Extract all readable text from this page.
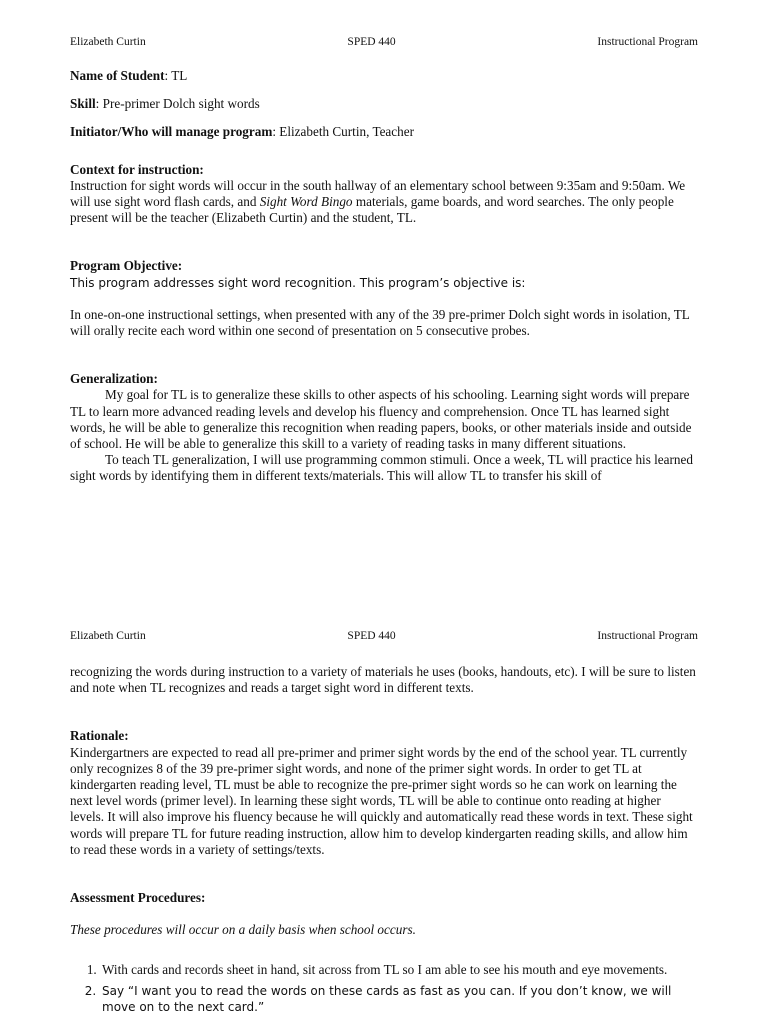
Elizabeth Curtin	SPED 440	Instructional Program

Name of Student: TL

Skill: Pre-primer Dolch sight words

Initiator/Who will manage program: Elizabeth Curtin, Teacher

Context for instruction:

Instruction for sight words will occur in the south hallway of an elementary school between 9:35am and 9:50am. We will use sight word flash cards, and Sight Word Bingo materials, game boards, and word searches. The only people present will be the teacher (Elizabeth Curtin) and the student, TL.

Program Objective:

This program addresses sight word recognition. This program’s objective is:

In one-on-one instructional settings, when presented with any of the 39 pre-primer Dolch sight words in isolation, TL will orally recite each word within one second of presentation on 5 consecutive probes.

Generalization:

My goal for TL is to generalize these skills to other aspects of his schooling. Learning sight words will prepare TL to learn more advanced reading levels and develop his fluency and comprehension. Once TL has learned sight words, he will be able to generalize this recognition when reading papers, books, or other materials inside and outside of school. He will be able to generalize this skill to a variety of reading tasks in many different situations.

To teach TL generalization, I will use programming common stimuli. Once a week, TL will practice his learned sight words by identifying them in different texts/materials. This will allow TL to transfer his skill of

Elizabeth Curtin	SPED 440	Instructional Program

recognizing the words during instruction to a variety of materials he uses (books, handouts, etc). I will be sure to listen and note when TL recognizes and reads a target sight word in different texts.

Rationale:

Kindergartners are expected to read all pre-primer and primer sight words by the end of the school year. TL currently only recognizes 8 of the 39 pre-primer sight words, and none of the primer sight words. In order to get TL at kindergarten reading level, TL must be able to recognize the pre-primer sight words so he can work on learning the next level words (primer level). In learning these sight words, TL will be able to continue onto reading at higher levels. It will also improve his fluency because he will quickly and automatically read these words in text. These sight words will prepare TL for future reading instruction, allow him to develop kindergarten reading skills, and allow him to read these words in a variety of settings/texts.

Assessment Procedures:

These procedures will occur on a daily basis when school occurs.

1. With cards and records sheet in hand, sit across from TL so I am able to see his mouth and eye movements.
2. Say “I want you to read the words on these cards as fast as you can. If you don’t know, we will move on to the next card.”
